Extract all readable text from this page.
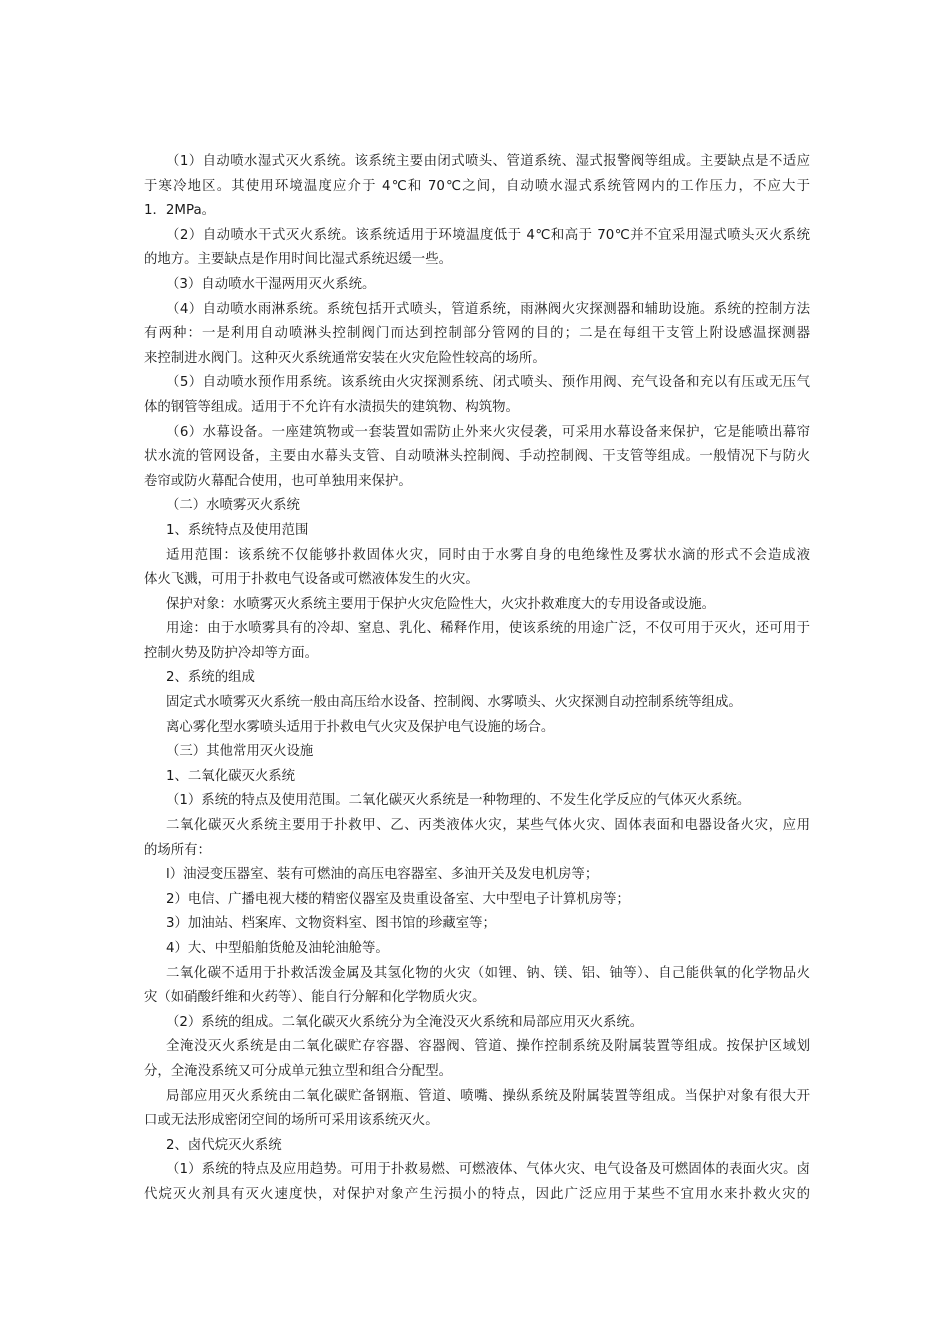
（1）自动喷水湿式灭火系统。该系统主要由闭式喷头、管道系统、湿式报警阀等组成。主要缺点是不适应
于寒冷地区。其使用环境温度应介于 4℃和 70℃之间，自动喷水湿式系统管网内的工作压力，不应大于
1．2MPa。
（2）自动喷水干式灭火系统。该系统适用于环境温度低于 4℃和高于 70℃并不宜采用湿式喷头灭火系统
的地方。主要缺点是作用时间比湿式系统迟缓一些。
（3）自动喷水干湿两用灭火系统。
（4）自动喷水雨淋系统。系统包括开式喷头，管道系统，雨淋阀火灾探测器和辅助设施。系统的控制方法
有两种：一是利用自动喷淋头控制阀门而达到控制部分管网的目的；二是在每组干支管上附设感温探测器
来控制进水阀门。这种灭火系统通常安装在火灾危险性较高的场所。
（5）自动喷水预作用系统。该系统由火灾探测系统、闭式喷头、预作用阀、充气设备和充以有压或无压气
体的钢管等组成。适用于不允许有水渍损失的建筑物、构筑物。
（6）水幕设备。一座建筑物或一套装置如需防止外来火灾侵袭，可采用水幕设备来保护，它是能喷出幕帘
状水流的管网设备，主要由水幕头支管、自动喷淋头控制阀、手动控制阀、干支管等组成。一般情况下与防火
卷帘或防火幕配合使用，也可单独用来保护。
（二）水喷雾灭火系统
1、系统特点及使用范围
适用范围：该系统不仅能够扑救固体火灾，同时由于水雾自身的电绝缘性及雾状水滴的形式不会造成液
体火飞溅，可用于扑救电气设备或可燃液体发生的火灾。
保护对象：水喷雾灭火系统主要用于保护火灾危险性大，火灾扑救难度大的专用设备或设施。
用途：由于水喷雾具有的冷却、窒息、乳化、稀释作用，使该系统的用途广泛，不仅可用于灭火，还可用于
控制火势及防护冷却等方面。
2、系统的组成
固定式水喷雾灭火系统一般由高压给水设备、控制阀、水雾喷头、火灾探测自动控制系统等组成。
离心雾化型水雾喷头适用于扑救电气火灾及保护电气设施的场合。
（三）其他常用灭火设施
1、二氧化碳灭火系统
（1）系统的特点及使用范围。二氧化碳灭火系统是一种物理的、不发生化学反应的气体灭火系统。
二氧化碳灭火系统主要用于扑救甲、乙、丙类液体火灾，某些气体火灾、固体表面和电器设备火灾，应用
的场所有：
l）油浸变压器室、装有可燃油的高压电容器室、多油开关及发电机房等；
2）电信、广播电视大楼的精密仪器室及贵重设备室、大中型电子计算机房等；
3）加油站、档案库、文物资料室、图书馆的珍藏室等；
4）大、中型船舶货舱及油轮油舱等。
二氧化碳不适用于扑救活泼金属及其氢化物的火灾（如锂、钠、镁、铝、铀等）、自己能供氧的化学物品火
灾（如硝酸纤维和火药等）、能自行分解和化学物质火灾。
（2）系统的组成。二氧化碳灭火系统分为全淹没灭火系统和局部应用灭火系统。
全淹没灭火系统是由二氧化碳贮存容器、容器阀、管道、操作控制系统及附属装置等组成。按保护区域划
分，全淹没系统又可分成单元独立型和组合分配型。
局部应用灭火系统由二氧化碳贮备钢瓶、管道、喷嘴、操纵系统及附属装置等组成。当保护对象有很大开
口或无法形成密闭空间的场所可采用该系统灭火。
2、卤代烷灭火系统
（1）系统的特点及应用趋势。可用于扑救易燃、可燃液体、气体火灾、电气设备及可燃固体的表面火灾。卤
代烷灭火剂具有灭火速度快，对保护对象产生污损小的特点，因此广泛应用于某些不宜用水来扑救火灾的
